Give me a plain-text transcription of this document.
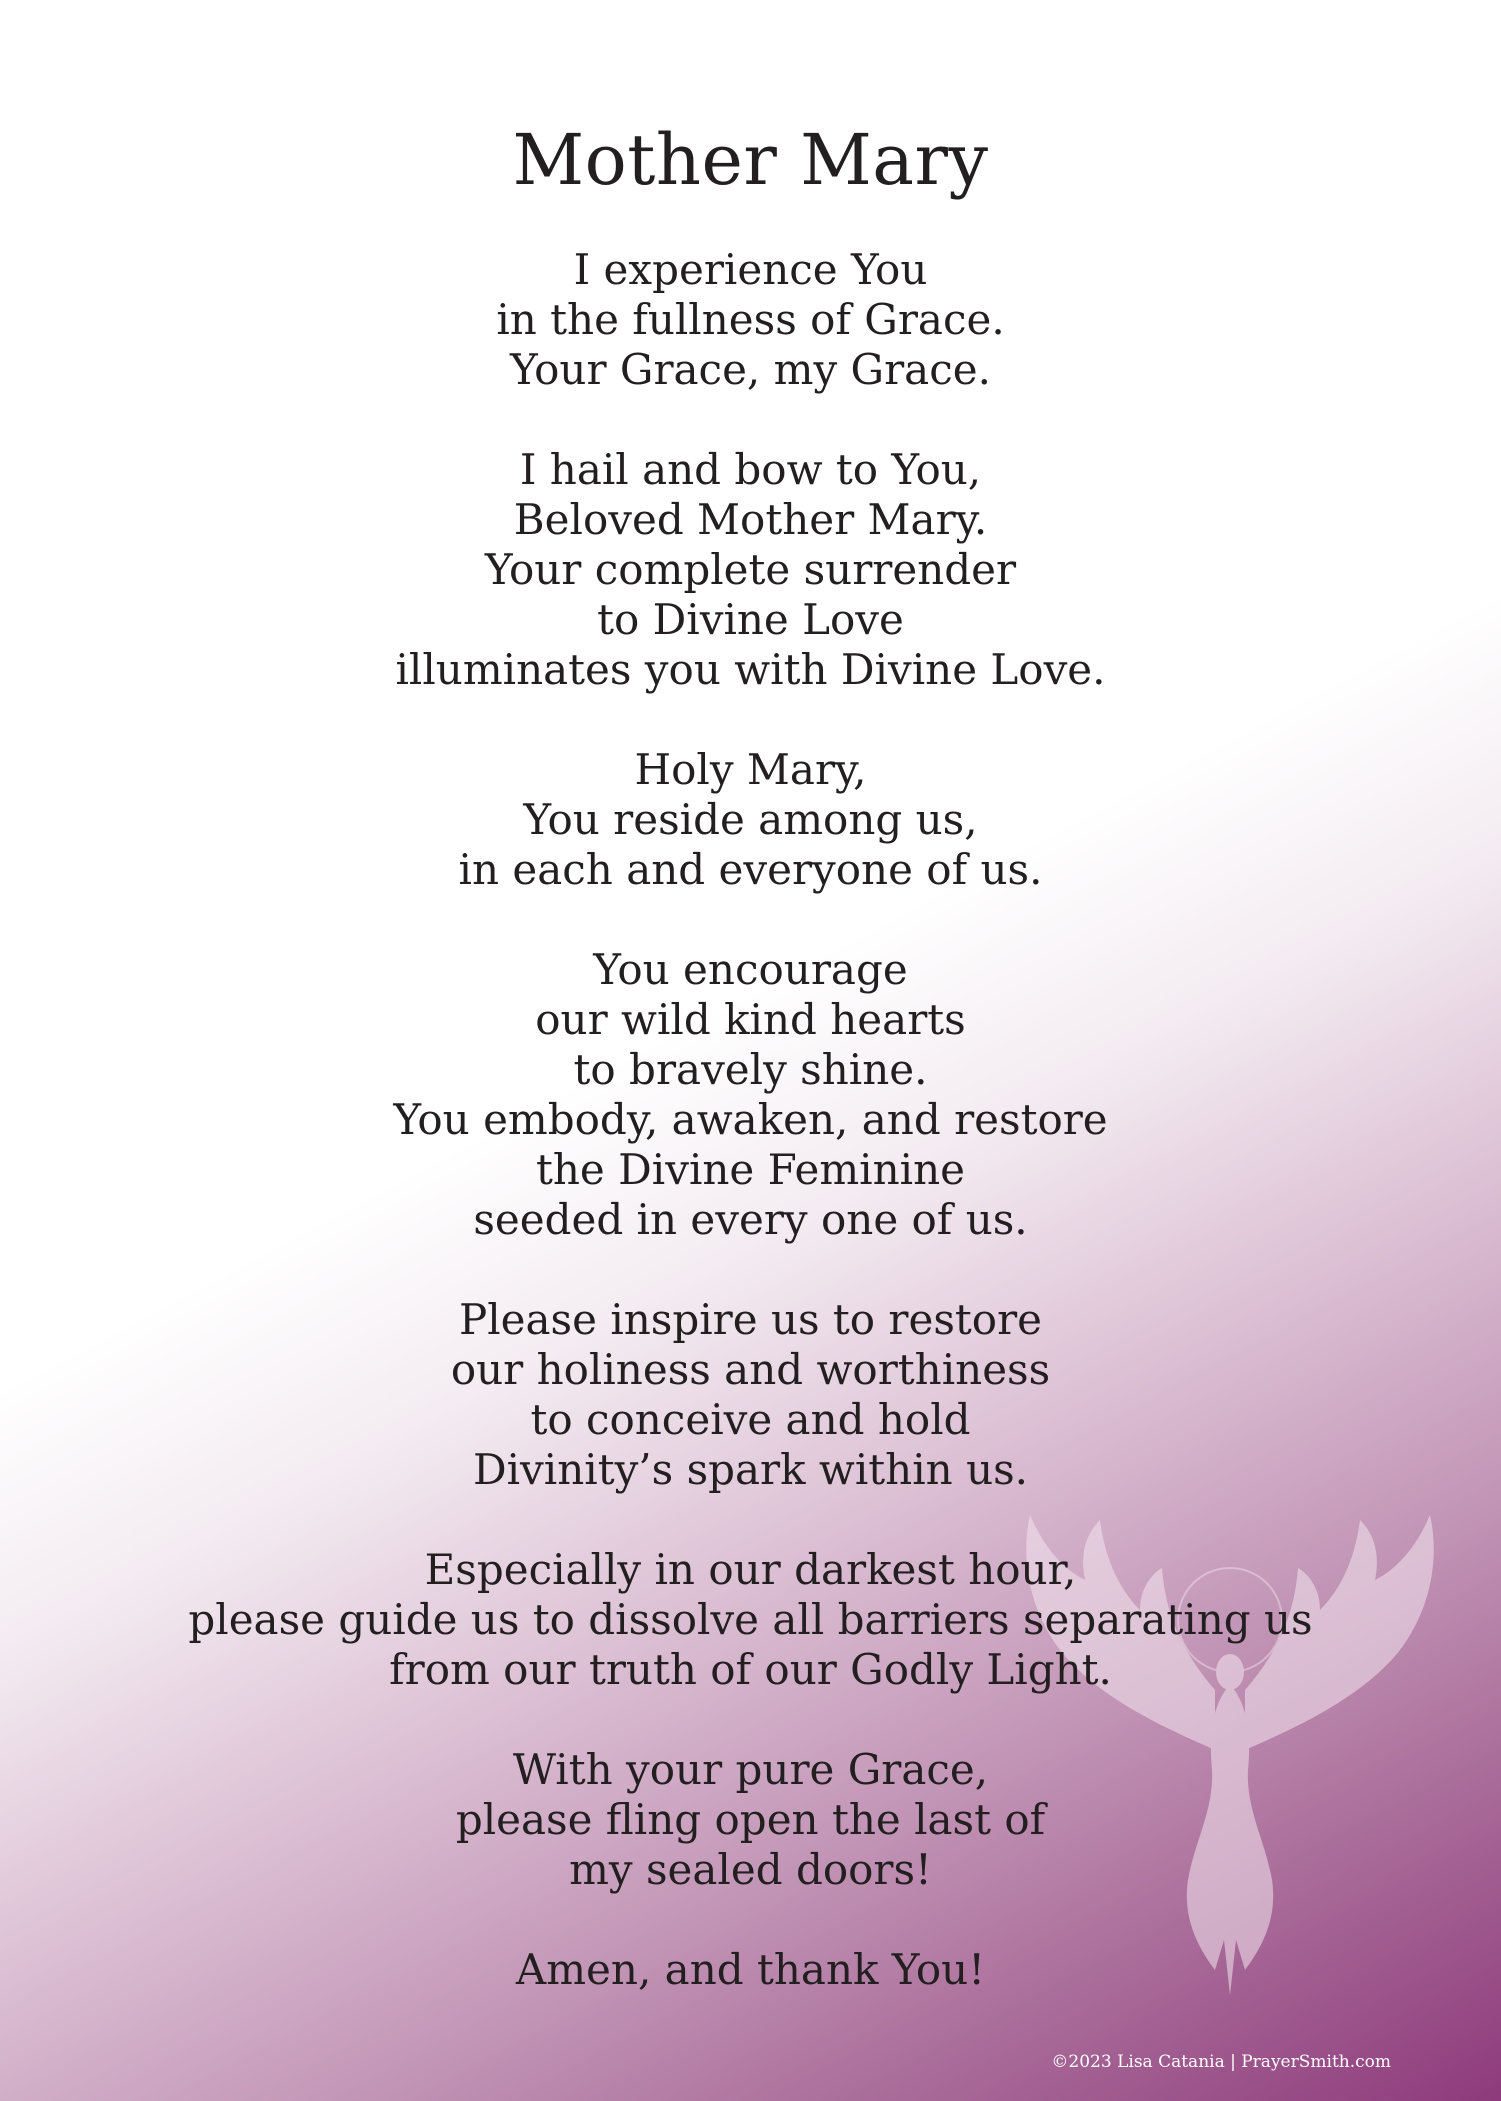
Mother Mary
I experience You
in the fullness of Grace.
Your Grace, my Grace.
I hail and bow to You,
Beloved Mother Mary.
Your complete surrender
to Divine Love
illuminates you with Divine Love.
Holy Mary,
You reside among us,
in each and everyone of us.
You encourage
our wild kind hearts
to bravely shine.
You embody, awaken, and restore
the Divine Feminine
seeded in every one of us.
Please inspire us to restore
our holiness and worthiness
to conceive and hold
Divinity’s spark within us.
Especially in our darkest hour,
please guide us to dissolve all barriers separating us
from our truth of our Godly Light.
With your pure Grace,
please fling open the last of
my sealed doors!
Amen, and thank You!
©2023 Lisa Catania | PrayerSmith.com
